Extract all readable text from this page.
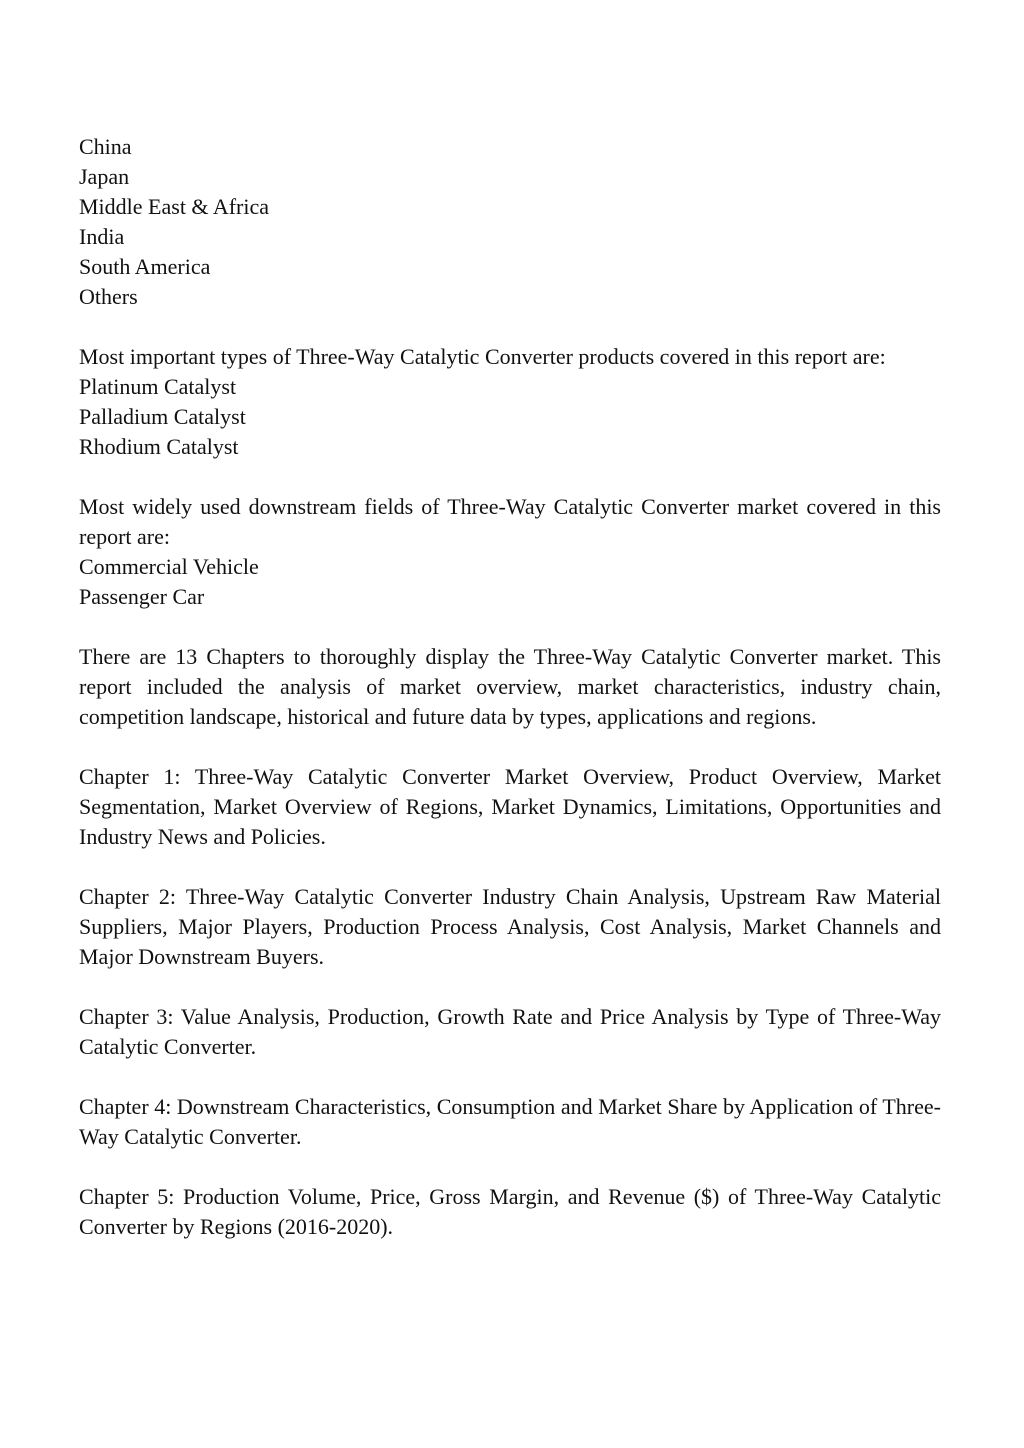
China
Japan
Middle East & Africa
India
South America
Others
Most important types of Three-Way Catalytic Converter products covered in this report are:
Platinum Catalyst
Palladium Catalyst
Rhodium Catalyst
Most widely used downstream fields of Three-Way Catalytic Converter market covered in this report are:
Commercial Vehicle
Passenger Car

There are 13 Chapters to thoroughly display the Three-Way Catalytic Converter market. This report included the analysis of market overview, market characteristics, industry chain, competition landscape, historical and future data by types, applications and regions.

Chapter 1: Three-Way Catalytic Converter Market Overview, Product Overview, Market Segmentation, Market Overview of Regions, Market Dynamics, Limitations, Opportunities and Industry News and Policies.

Chapter 2: Three-Way Catalytic Converter Industry Chain Analysis, Upstream Raw Material Suppliers, Major Players, Production Process Analysis, Cost Analysis, Market Channels and Major Downstream Buyers.

Chapter 3: Value Analysis, Production, Growth Rate and Price Analysis by Type of Three-Way Catalytic Converter.

Chapter 4: Downstream Characteristics, Consumption and Market Share by Application of Three-Way Catalytic Converter.

Chapter 5: Production Volume, Price, Gross Margin, and Revenue ($) of Three-Way Catalytic Converter by Regions (2016-2020).
